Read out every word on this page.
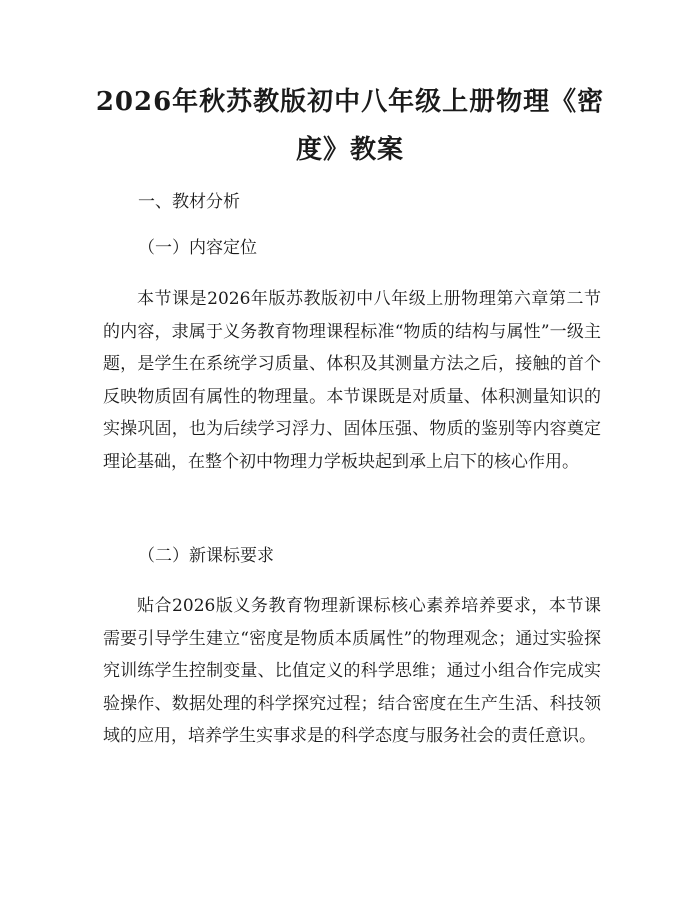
2026年秋苏教版初中八年级上册物理《密
度》教案

一、教材分析

（一）内容定位

本节课是2026年版苏教版初中八年级上册物理第六章第二节的内容，隶属于义务教育物理课程标准“物质的结构与属性”一级主题，是学生在系统学习质量、体积及其测量方法之后，接触的首个反映物质固有属性的物理量。本节课既是对质量、体积测量知识的实操巩固，也为后续学习浮力、固体压强、物质的鉴别等内容奠定理论基础，在整个初中物理力学板块起到承上启下的核心作用。

（二）新课标要求

贴合2026版义务教育物理新课标核心素养培养要求，本节课需要引导学生建立“密度是物质本质属性”的物理观念；通过实验探究训练学生控制变量、比值定义的科学思维；通过小组合作完成实验操作、数据处理的科学探究过程；结合密度在生产生活、科技领域的应用，培养学生实事求是的科学态度与服务社会的责任意识。
